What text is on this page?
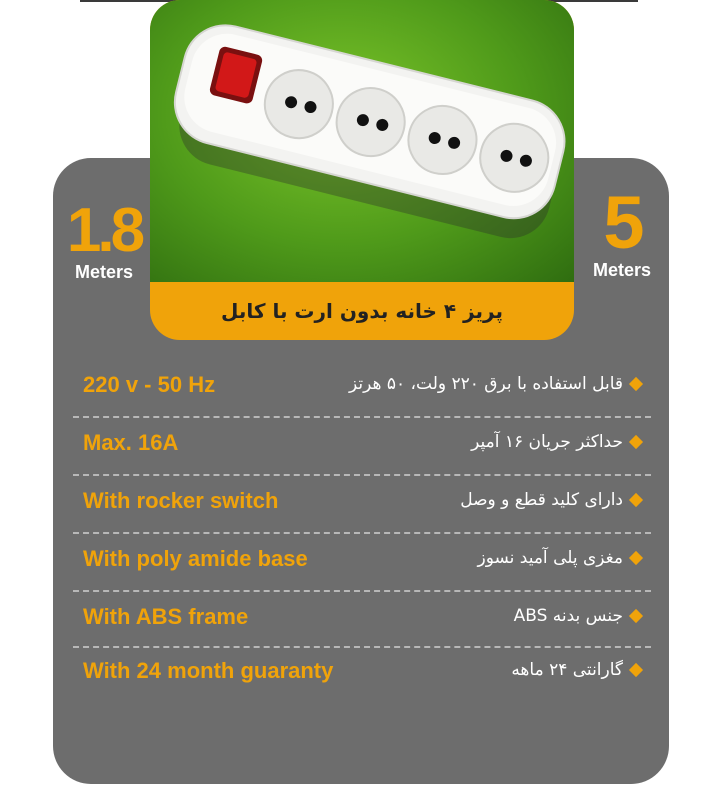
پریز ۴ خانه بدون ارت با کابل
1.8
Meters
5
Meters
220 v - 50 Hz	قابل استفاده با برق ۲۲۰ ولت، ۵۰ هرتز
Max. 16A	حداکثر جریان ۱۶ آمپر
With rocker switch	دارای کلید قطع و وصل
With poly amide base	مغزی پلی آمید نسوز
With ABS frame	جنس بدنه ABS
With 24 month guaranty	گارانتی ۲۴ ماهه
